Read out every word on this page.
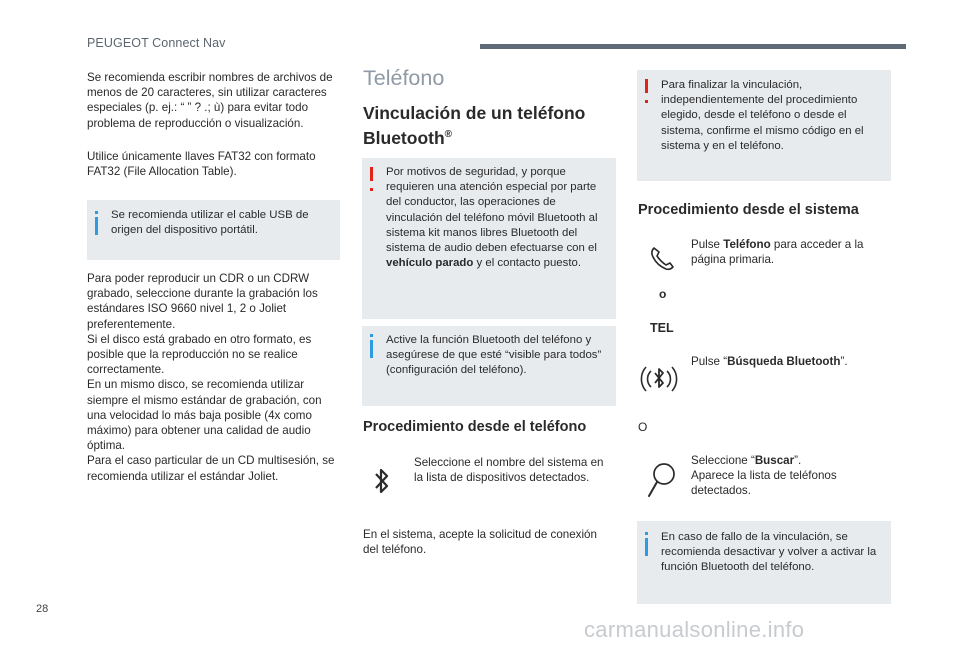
PEUGEOT Connect Nav

Se recomienda escribir nombres de archivos de menos de 20 caracteres, sin utilizar caracteres especiales (p. ej.: “ ” ? .; ù) para evitar todo problema de reproducción o visualización.

Utilice únicamente llaves FAT32 con formato FAT32 (File Allocation Table).

Se recomienda utilizar el cable USB de origen del dispositivo portátil.

Para poder reproducir un CDR o un CDRW grabado, seleccione durante la grabación los estándares ISO 9660 nivel 1, 2 o Joliet preferentemente.
Si el disco está grabado en otro formato, es posible que la reproducción no se realice correctamente.
En un mismo disco, se recomienda utilizar siempre el mismo estándar de grabación, con una velocidad lo más baja posible (4x como máximo) para obtener una calidad de audio óptima.
Para el caso particular de un CD multisesión, se recomienda utilizar el estándar Joliet.

Teléfono
Vinculación de un teléfono Bluetooth®

Por motivos de seguridad, y porque requieren una atención especial por parte del conductor, las operaciones de vinculación del teléfono móvil Bluetooth al sistema kit manos libres Bluetooth del sistema de audio deben efectuarse con el vehículo parado y el contacto puesto.

Active la función Bluetooth del teléfono y asegúrese de que esté “visible para todos” (configuración del teléfono).

Procedimiento desde el teléfono

Seleccione el nombre del sistema en la lista de dispositivos detectados.

En el sistema, acepte la solicitud de conexión del teléfono.

Para finalizar la vinculación, independientemente del procedimiento elegido, desde el teléfono o desde el sistema, confirme el mismo código en el sistema y en el teléfono.

Procedimiento desde el sistema

Pulse Teléfono para acceder a la página primaria.

o
TEL

Pulse “Búsqueda Bluetooth”.

O

Seleccione “Buscar”.
Aparece la lista de teléfonos detectados.

En caso de fallo de la vinculación, se recomienda desactivar y volver a activar la función Bluetooth del teléfono.

28
carmanualsonline.info
